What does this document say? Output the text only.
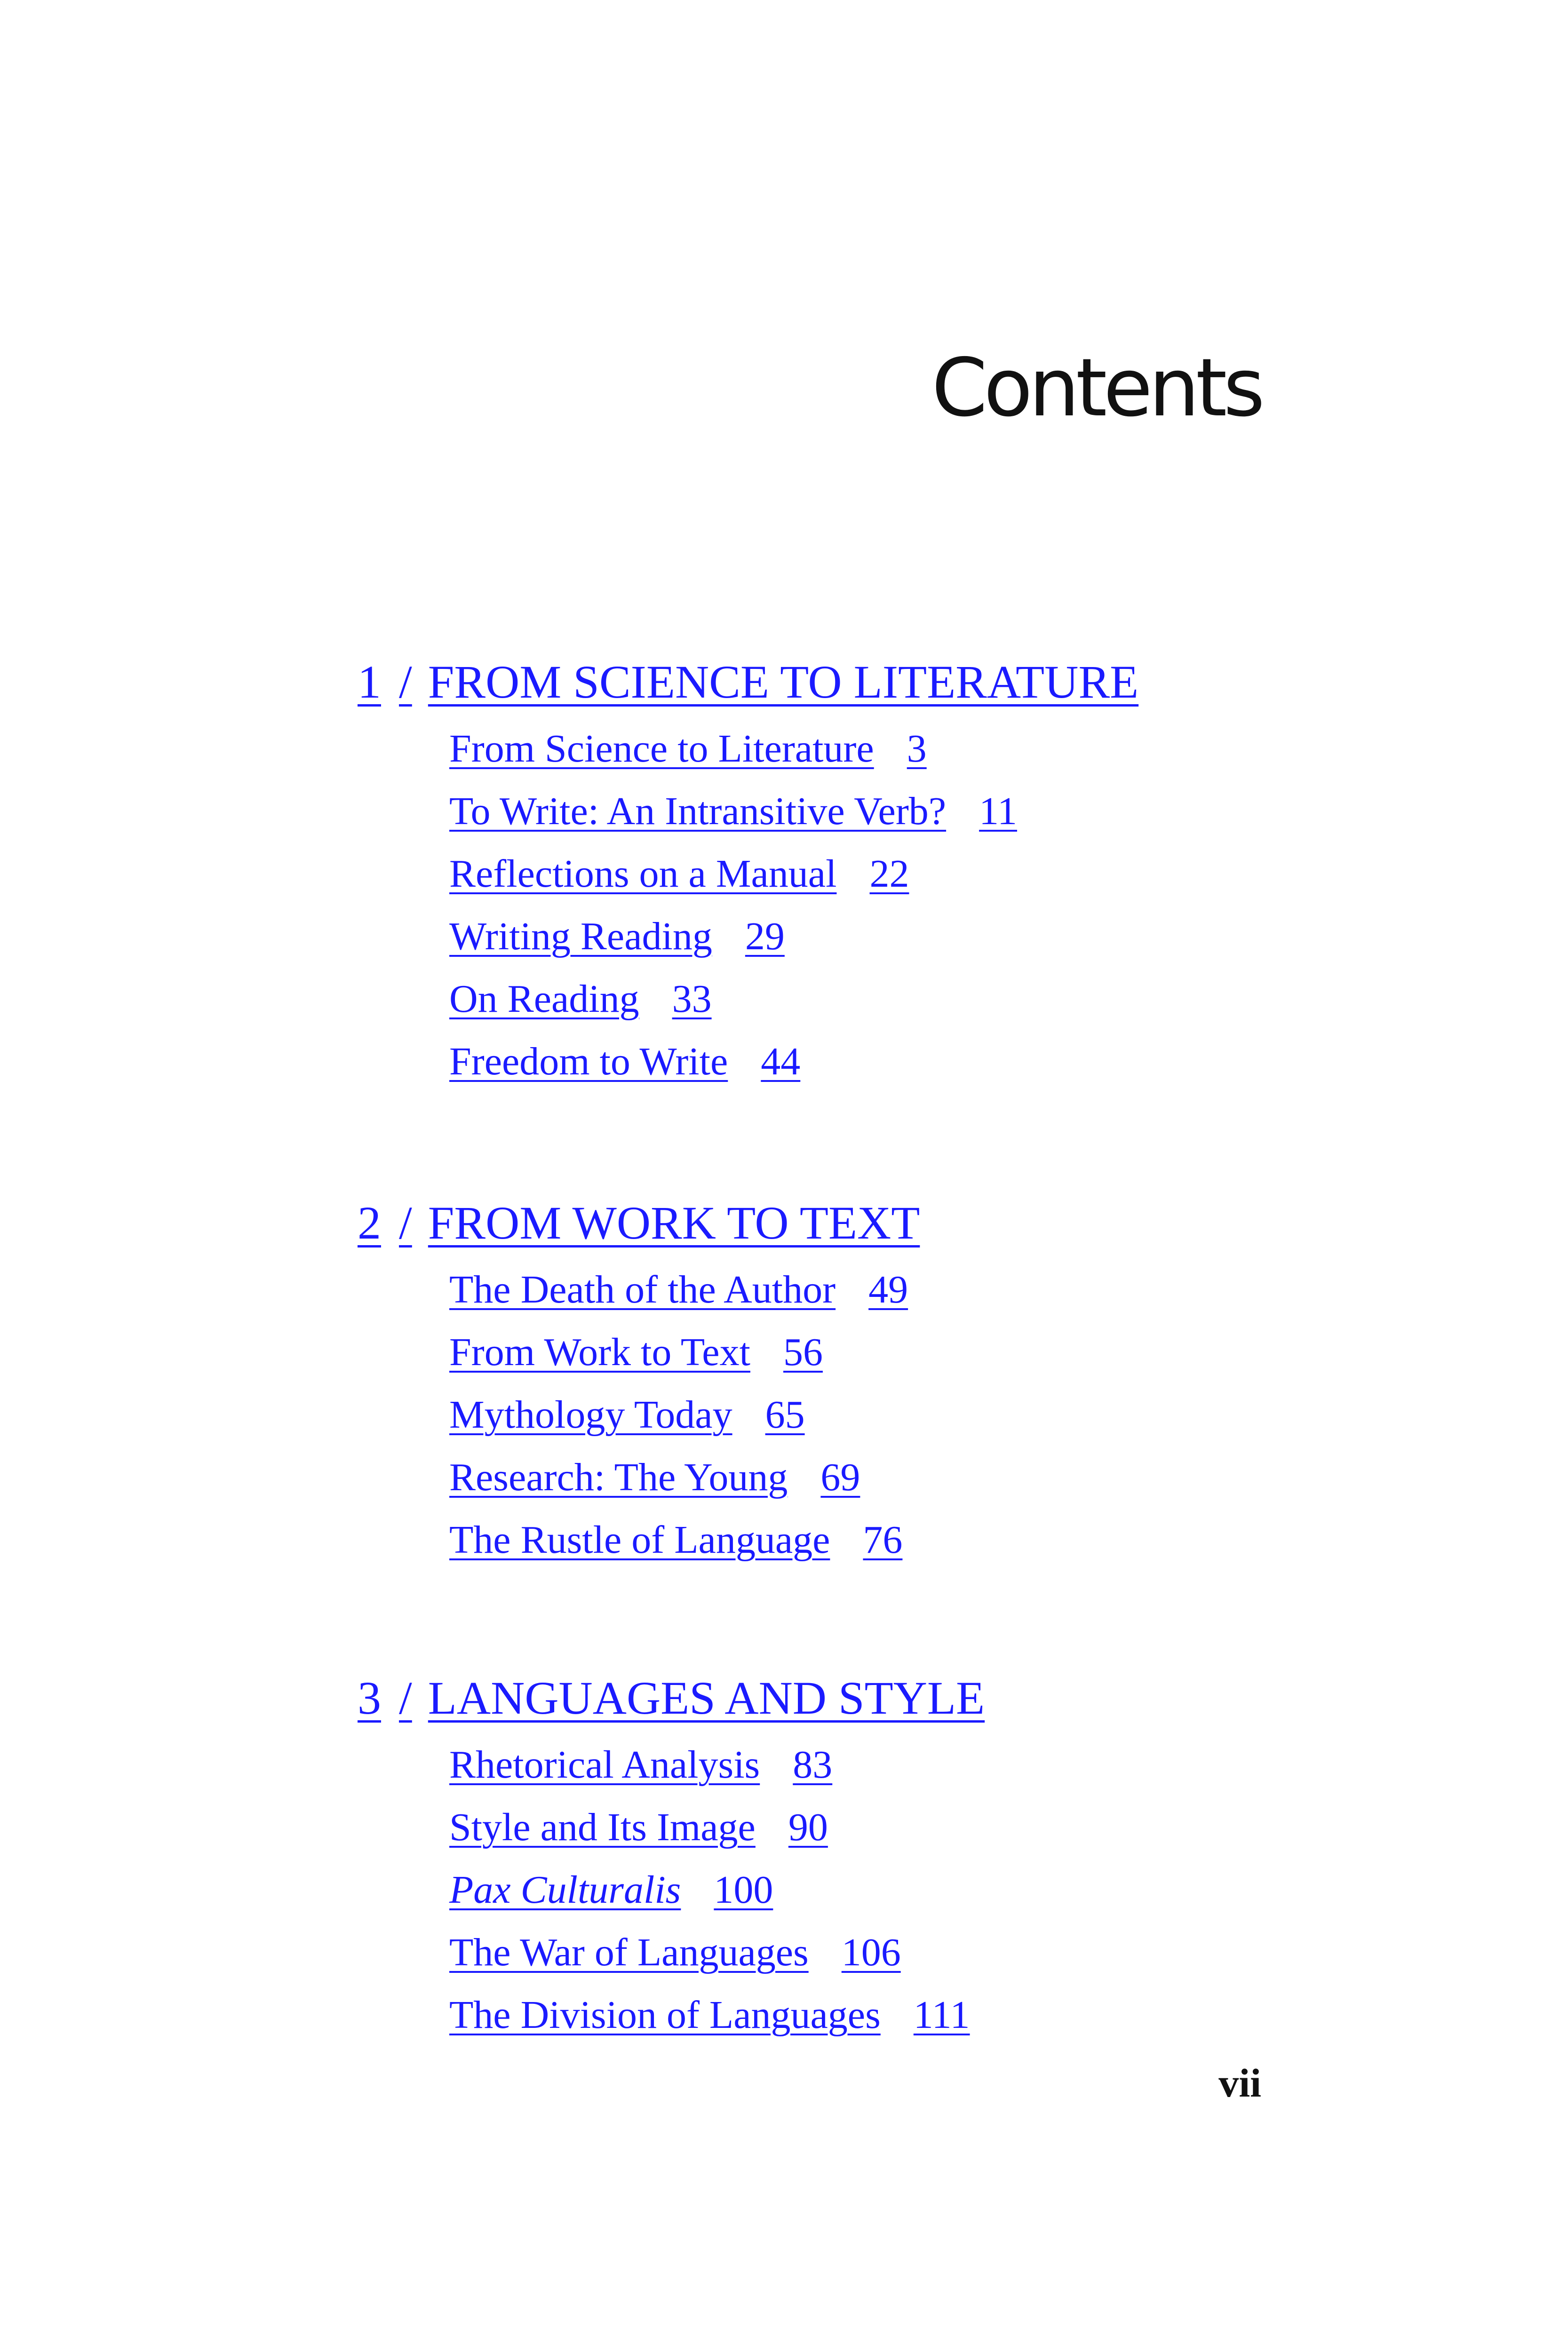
Contents
1 / FROM SCIENCE TO LITERATURE
From Science to Literature 3
To Write: An Intransitive Verb? 11
Reflections on a Manual 22
Writing Reading 29
On Reading 33
Freedom to Write 44
2 / FROM WORK TO TEXT
The Death of the Author 49
From Work to Text 56
Mythology Today 65
Research: The Young 69
The Rustle of Language 76
3 / LANGUAGES AND STYLE
Rhetorical Analysis 83
Style and Its Image 90
Pax Culturalis 100
The War of Languages 106
The Division of Languages 111
vii
